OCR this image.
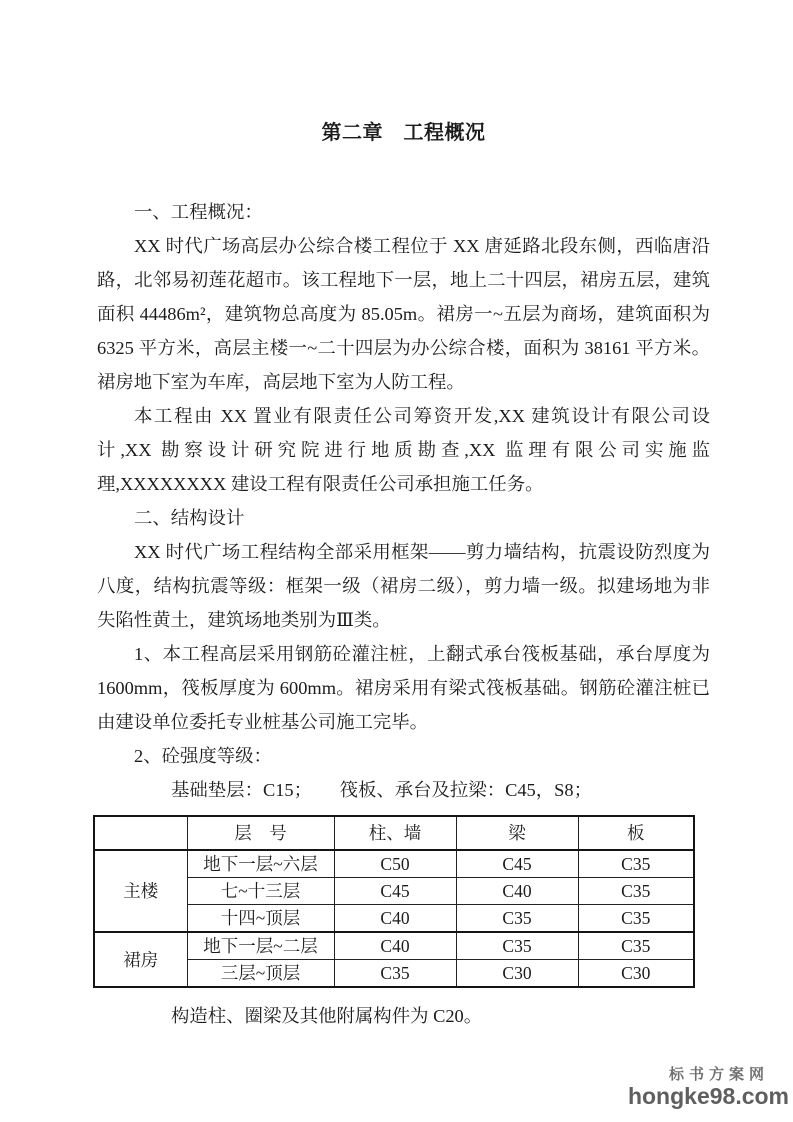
第二章　工程概况

一、工程概况：

XX 时代广场高层办公综合楼工程位于 XX 唐延路北段东侧，西临唐沿路，北邻易初莲花超市。该工程地下一层，地上二十四层，裙房五层，建筑面积 44486m²，建筑物总高度为 85.05m。裙房一~五层为商场，建筑面积为 6325 平方米，高层主楼一~二十四层为办公综合楼，面积为 38161 平方米。裙房地下室为车库，高层地下室为人防工程。

本工程由 XX 置业有限责任公司筹资开发,XX 建筑设计有限公司设计,XX 勘察设计研究院进行地质勘查,XX 监理有限公司实施监理,XXXXXXXX 建设工程有限责任公司承担施工任务。

二、结构设计

XX 时代广场工程结构全部采用框架——剪力墙结构，抗震设防烈度为八度，结构抗震等级：框架一级（裙房二级），剪力墙一级。拟建场地为非失陷性黄土，建筑场地类别为Ⅲ类。

1、本工程高层采用钢筋砼灌注桩，上翻式承台筏板基础，承台厚度为 1600mm，筏板厚度为 600mm。裙房采用有梁式筏板基础。钢筋砼灌注桩已由建设单位委托专业桩基公司施工完毕。

2、砼强度等级：

基础垫层：C15；　　筏板、承台及拉梁：C45，S8；

	层　号	柱、墙	梁	板
主楼	地下一层~六层	C50	C45	C35
	七~十三层	C45	C40	C35
	十四~顶层	C40	C35	C35
裙房	地下一层~二层	C40	C35	C35
	三层~顶层	C35	C30	C30

构造柱、圈梁及其他附属构件为 C20。

标书方案网
hongke98.com
